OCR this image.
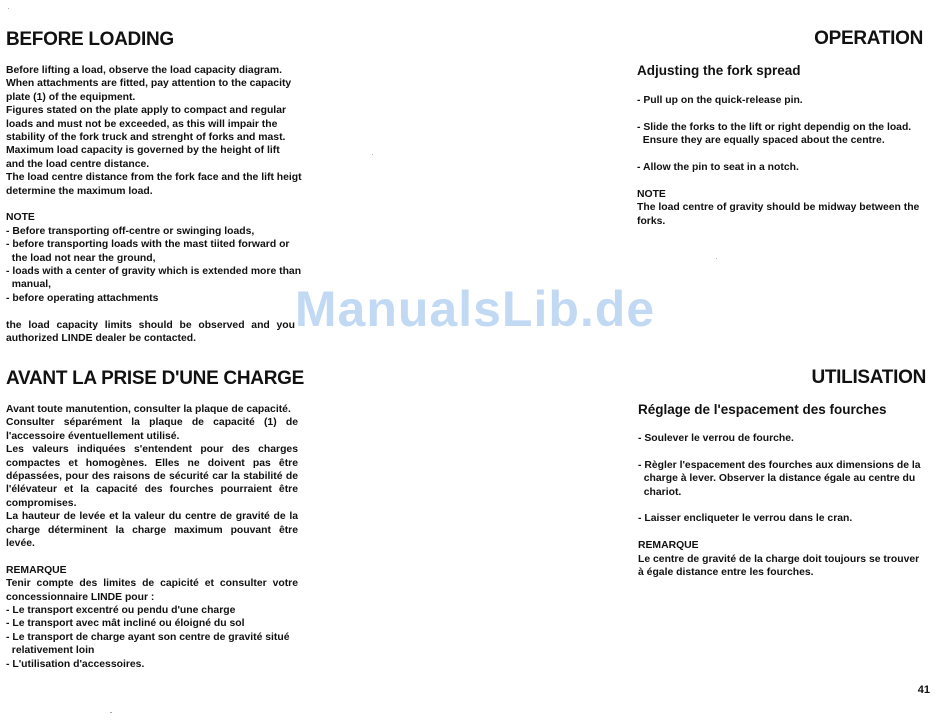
BEFORE LOADING
Before lifting a load, observe the load capacity diagram.
When attachments are fitted, pay attention to the capacity
plate (1) of the equipment.
Figures stated on the plate apply to compact and regular
loads and must not be exceeded, as this will impair the
stability of the fork truck and strenght of forks and mast.
Maximum load capacity is governed by the height of lift
and the load centre distance.
The load centre distance from the fork face and the lift heigt
determine the maximum load.
NOTE
- Before transporting off-centre or swinging loads,
- before transporting loads with the mast tiited forward or
the load not near the ground,
- loads with a center of gravity which is extended more than
manual,
- before operating attachments
the load capacity limits should be observed and you
authorized LINDE dealer be contacted.
OPERATION
Adjusting the fork spread
- Pull up on the quick-release pin.
- Slide the forks to the lift or right dependig on the load.
Ensure they are equally spaced about the centre.
- Allow the pin to seat in a notch.
NOTE
The load centre of gravity should be midway between the
forks.
AVANT LA PRISE D'UNE CHARGE
Avant toute manutention, consulter la plaque de capacité.
Consulter séparément la plaque de capacité (1) de
l'accessoire éventuellement utilisé.
Les valeurs indiquées s'entendent pour des charges
compactes et homogènes. Elles ne doivent pas être
dépassées, pour des raisons de sécurité car la stabilité de
l'élévateur et la capacité des fourches pourraient être
compromises.
La hauteur de levée et la valeur du centre de gravité de la
charge déterminent la charge maximum pouvant être
levée.
REMARQUE
Tenir compte des limites de capicité et consulter votre
concessionnaire LINDE pour :
- Le transport excentré ou pendu d'une charge
- Le transport avec mât incliné ou éloigné du sol
- Le transport de charge ayant son centre de gravité situé
relativement loin
- L'utilisation d'accessoires.
UTILISATION
Réglage de l'espacement des fourches
- Soulever le verrou de fourche.
- Règler l'espacement des fourches aux dimensions de la
charge à lever. Observer la distance égale au centre du
chariot.
- Laisser encliqueter le verrou dans le cran.
REMARQUE
Le centre de gravité de la charge doit toujours se trouver
à égale distance entre les fourches.
ManualsLib.de
41
